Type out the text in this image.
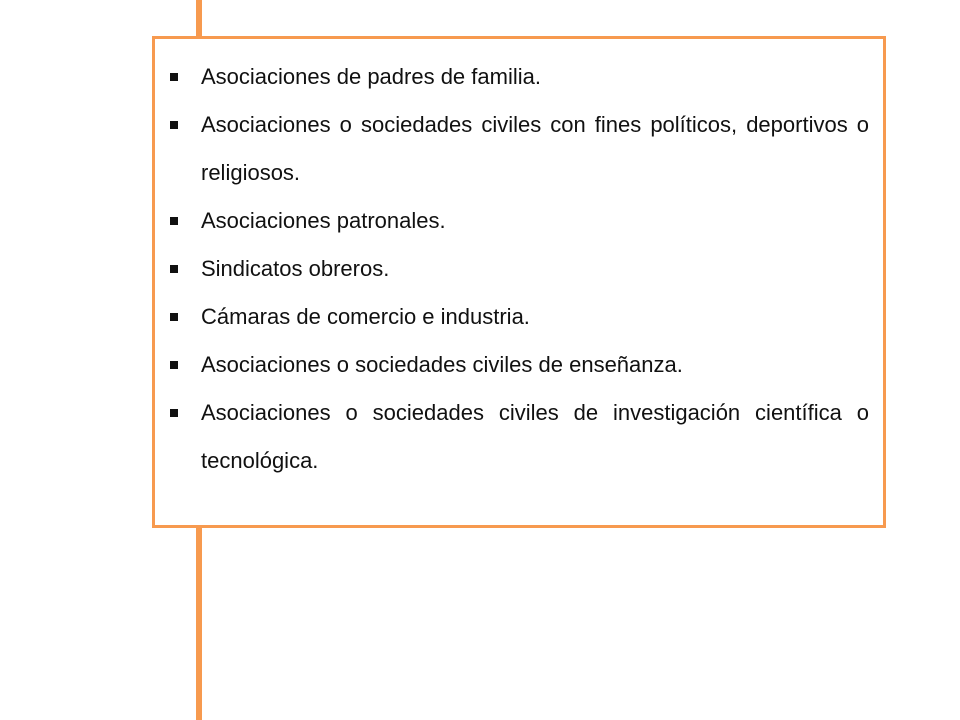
Asociaciones de padres de familia.
Asociaciones o sociedades civiles con fines políticos, deportivos o religiosos.
Asociaciones patronales.
Sindicatos obreros.
Cámaras de comercio e industria.
Asociaciones o sociedades civiles de enseñanza.
Asociaciones o sociedades civiles de investigación científica o tecnológica.
